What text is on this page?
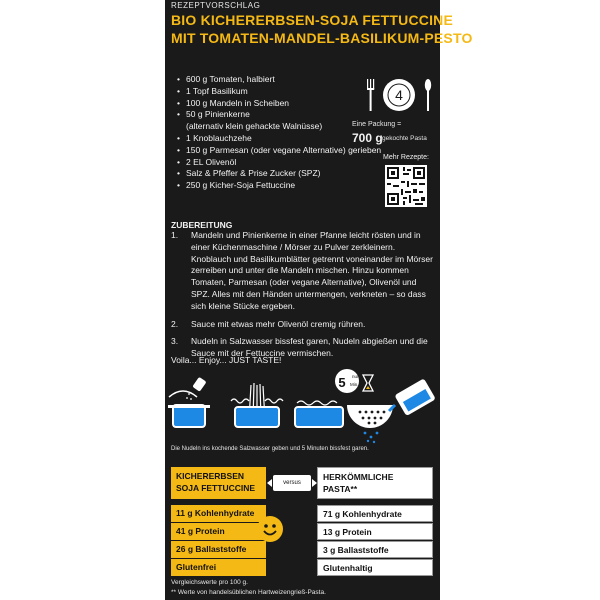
REZEPTVORSCHLAG
BIO KICHERERBSEN-SOJA FETTUCCINE
MIT TOMATEN-MANDEL-BASILIKUM-PESTO
• 600 g Tomaten, halbiert
• 1 Topf Basilikum
• 100 g Mandeln in Scheiben
• 50 g Pinienkerne
(alternativ klein gehackte Walnüsse)
• 1 Knoblauchzehe
• 150 g Parmesan (oder vegane Alternative) gerieben
• 2 EL Olivenöl
• Salz & Pfeffer & Prise Zucker (SPZ)
• 250 g Kicher-Soja Fettuccine
4
Eine Packung =
700 g gekochte Pasta
Mehr Rezepte:
ZUBEREITUNG
1. Mandeln und Pinienkerne in einer Pfanne leicht rösten und in einer Küchenmaschine / Mörser zu Pulver zerkleinern. Knoblauch und Basilikumblätter getrennt voneinander im Mörser zerreiben und unter die Mandeln mischen. Hinzu kommen Tomaten, Parmesan (oder vegane Alternative), Olivenöl und SPZ. Alles mit den Händen untermengen, verkneten – so dass sich kleine Stücke ergeben.
2. Sauce mit etwas mehr Olivenöl cremig rühren.
3. Nudeln in Salzwasser bissfest garen, Nudeln abgießen und die Sauce mit der Fettuccine vermischen.
Voila... Enjoy... JUST TASTE!
5 nur
Min.
Die Nudeln ins kochende Salzwasser geben und 5 Minuten bissfest garen.
KICHERERBSEN SOJA FETTUCCINE	versus
HERKÖMMLICHE PASTA**
11 g Kohlenhydrate
41 g Protein
26 g Ballaststoffe
Glutenfrei
71 g Kohlenhydrate
13 g Protein
3 g Ballaststoffe
Glutenhaltig
Vergleichswerte pro 100 g.
** Werte von handelsüblichen Hartweizengrieß-Pasta.
